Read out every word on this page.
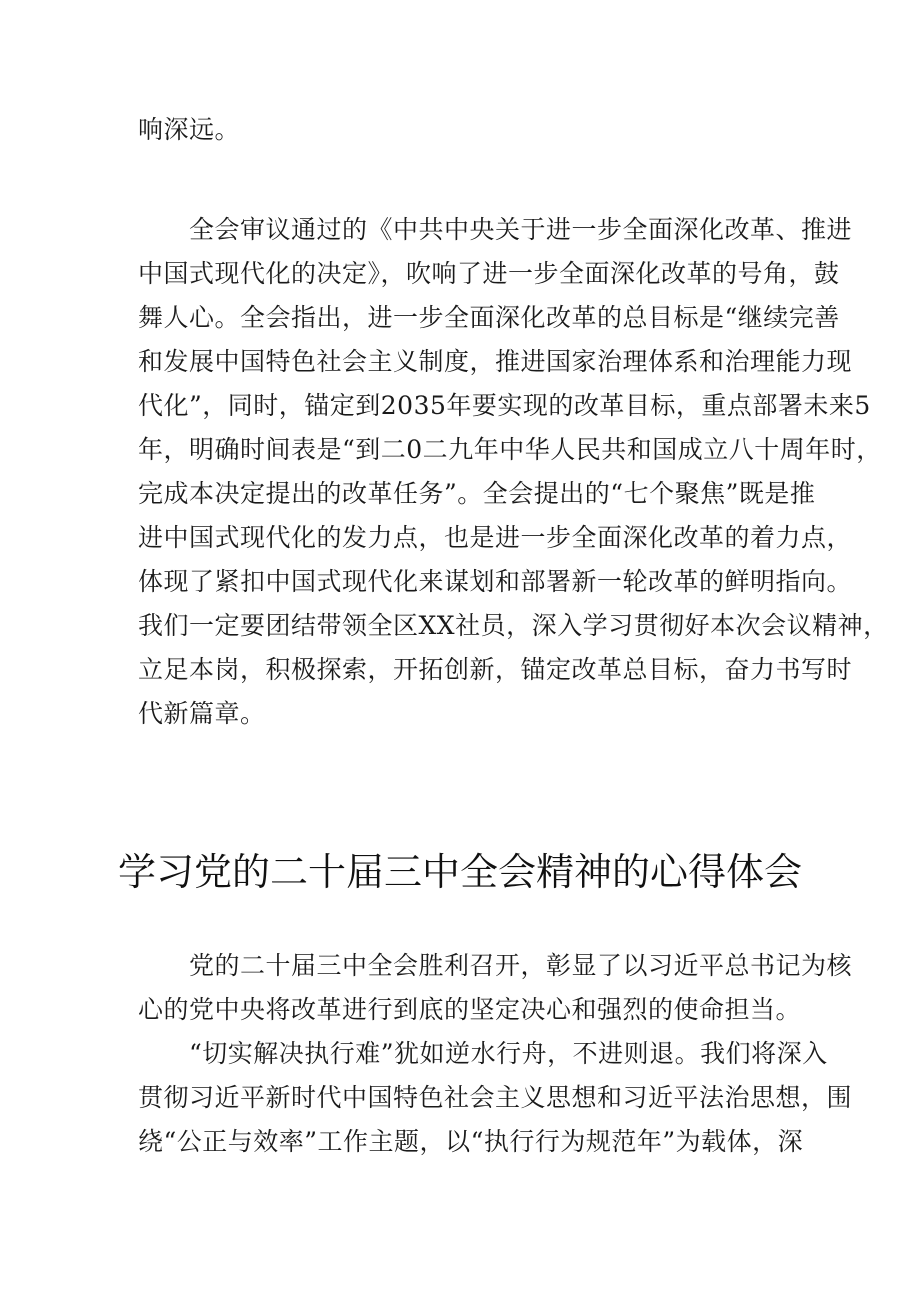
响深远。
　　全会审议通过的《中共中央关于进一步全面深化改革、推进
中国式现代化的决定》，吹响了进一步全面深化改革的号角，鼓
舞人心。全会指出，进一步全面深化改革的总目标是“继续完善
和发展中国特色社会主义制度，推进国家治理体系和治理能力现
代化”，同时，锚定到2035年要实现的改革目标，重点部署未来5
年，明确时间表是“到二0二九年中华人民共和国成立八十周年时，
完成本决定提出的改革任务”。全会提出的“七个聚焦”既是推
进中国式现代化的发力点，也是进一步全面深化改革的着力点，
体现了紧扣中国式现代化来谋划和部署新一轮改革的鲜明指向。
我们一定要团结带领全区XX社员，深入学习贯彻好本次会议精神，
立足本岗，积极探索，开拓创新，锚定改革总目标，奋力书写时
代新篇章。
学习党的二十届三中全会精神的心得体会
　　党的二十届三中全会胜利召开，彰显了以习近平总书记为核
心的党中央将改革进行到底的坚定决心和强烈的使命担当。
　　“切实解决执行难”犹如逆水行舟，不进则退。我们将深入
贯彻习近平新时代中国特色社会主义思想和习近平法治思想，围
绕“公正与效率”工作主题，以“执行行为规范年”为载体，深
